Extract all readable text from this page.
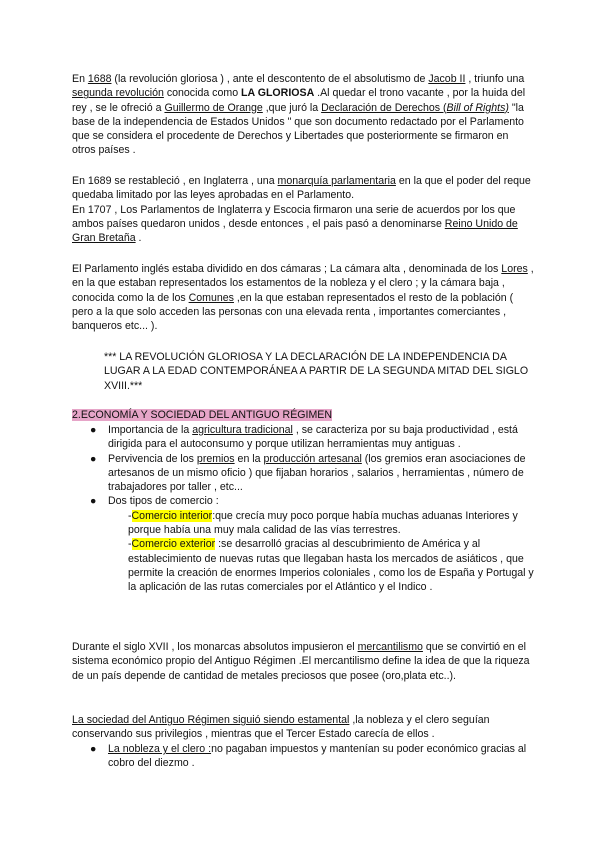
En 1688 (la revolución gloriosa ) , ante el descontento de el absolutismo de Jacob II , triunfo una segunda revolución conocida como LA GLORIOSA .Al quedar el trono vacante , por la huida del rey , se le ofreció a Guillermo de Orange ,que juró la Declaración de Derechos (Bill of Rights) "la base de la independencia de Estados Unidos " que son documento redactado por el Parlamento que se considera el procedente de Derechos y Libertades que posteriormente se firmaron en otros países .

En 1689 se restableció , en Inglaterra , una monarquía parlamentaria en la que el poder del reque quedaba limitado por las leyes aprobadas en el Parlamento.

En 1707 , Los Parlamentos de Inglaterra y Escocia firmaron una serie de acuerdos por los que ambos países quedaron unidos , desde entonces , el pais pasó a denominarse Reino Unido de Gran Bretaña .

El Parlamento inglés estaba dividido en dos cámaras ; La cámara alta , denominada de los Lores , en la que estaban representados los estamentos de la nobleza y el clero ; y la cámara baja , conocida como la de los Comunes ,en la que estaban representados el resto de la población ( pero a la que solo acceden las personas con una elevada renta , importantes comerciantes , banqueros etc... ).

*** LA REVOLUCIÓN GLORIOSA Y LA DECLARACIÓN DE LA INDEPENDENCIA DA LUGAR A LA EDAD CONTEMPORÁNEA A PARTIR DE LA SEGUNDA MITAD DEL SIGLO XVIII.***

2.ECONOMÍA Y SOCIEDAD DEL ANTIGUO RÉGIMEN

● Importancia de la agricultura tradicional , se caracteriza por su baja productividad , está dirigida para el autoconsumo y porque utilizan herramientas muy antiguas .
● Pervivencia de los premios en la producción artesanal (los gremios eran asociaciones de artesanos de un mismo oficio ) que fijaban horarios , salarios , herramientas , número de trabajadores por taller , etc...
● Dos tipos de comercio :

-Comercio interior:que crecía muy poco porque había muchas aduanas Interiores y porque había una muy mala calidad de las vías terrestres.

-Comercio exterior :se desarrolló gracias al descubrimiento de América y al establecimiento de nuevas rutas que llegaban hasta los mercados de asiáticos , que permite la creación de enormes Imperios coloniales , como los de España y Portugal y la aplicación de las rutas comerciales por el Atlántico y el Indico .

Durante el siglo XVII , los monarcas absolutos impusieron el mercantilismo que se convirtió en el sistema económico propio del Antiguo Régimen .El mercantilismo define la idea de que la riqueza de un país depende de cantidad de metales preciosos que posee (oro,plata etc..).

La sociedad del Antiguo Régimen siguió siendo estamental ,la nobleza y el clero seguían conservando sus privilegios , mientras que el Tercer Estado carecía de ellos .

● La nobleza y el clero :no pagaban impuestos y mantenían su poder económico gracias al cobro del diezmo .
